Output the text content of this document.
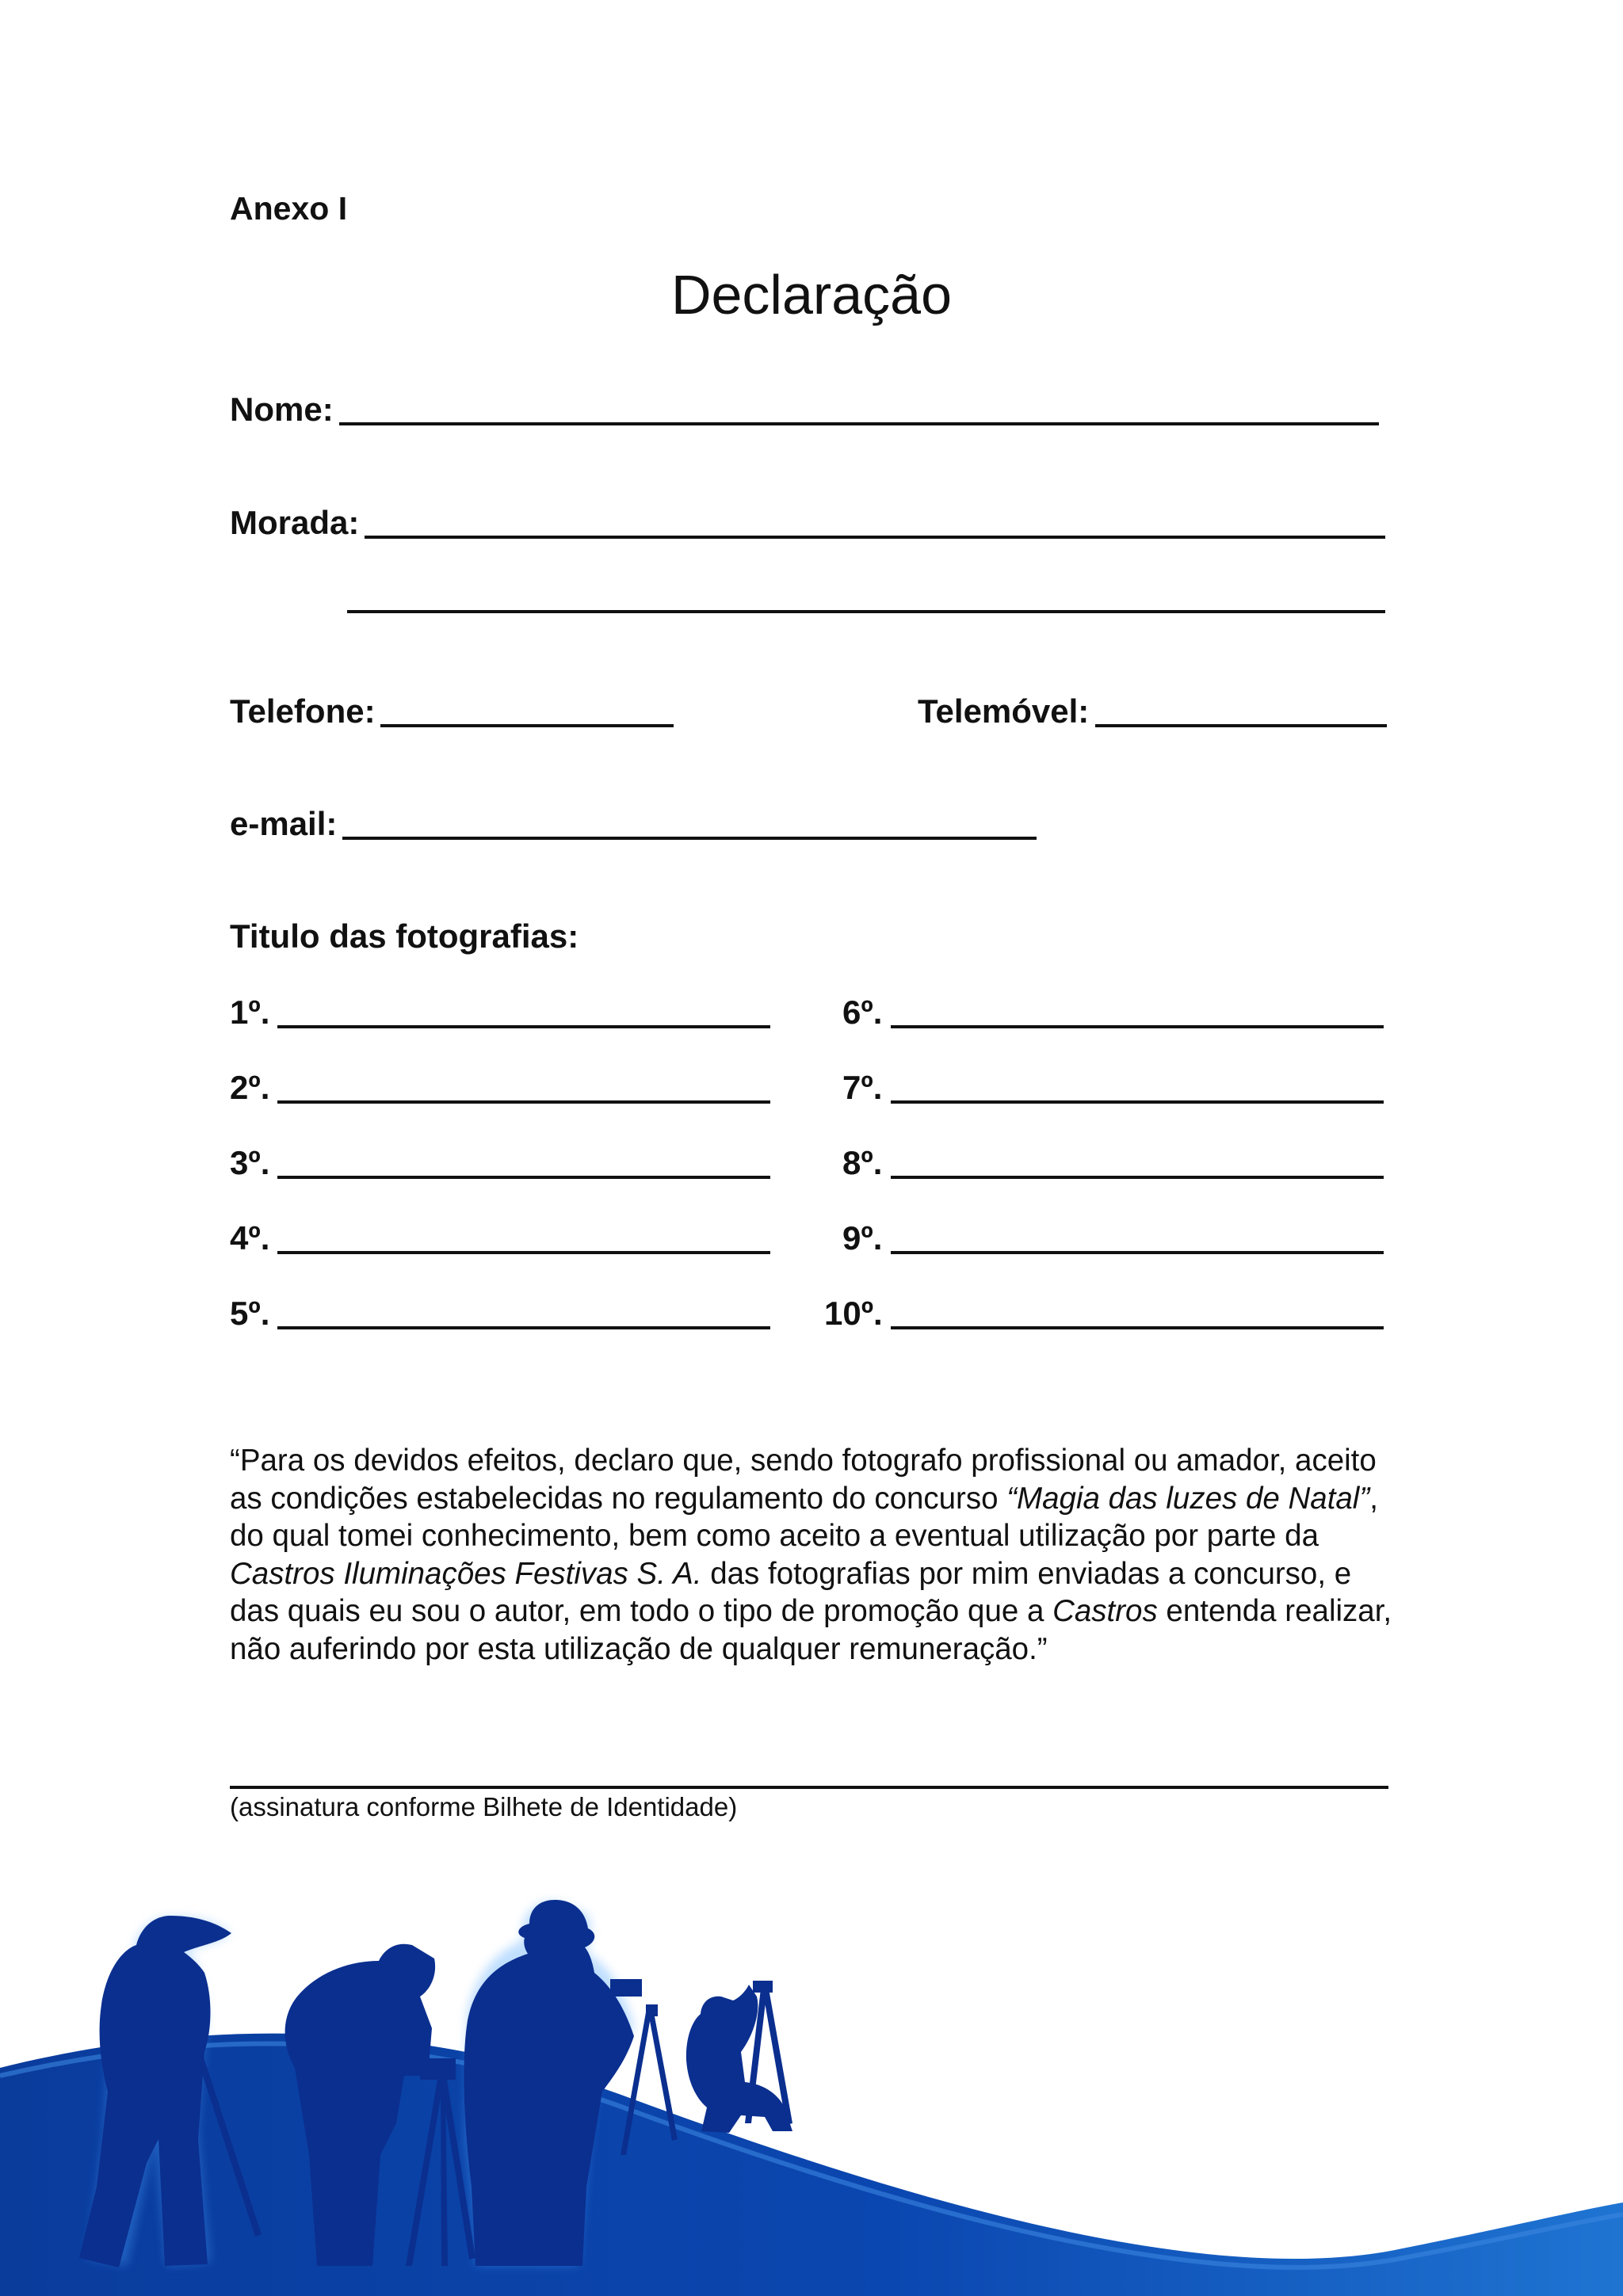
Anexo I
Declaração
Nome:
Morada:
Telefone:	Telemóvel:
e-mail:
Titulo das fotografias:
1º.
2º.
3º.
4º.
5º.
6º.
7º.
8º.
9º.
10º.
“Para os devidos efeitos, declaro que, sendo fotografo profissional ou amador, aceito as condições estabelecidas no regulamento do concurso “Magia das luzes de Natal”, do qual tomei conhecimento, bem como aceito a eventual utilização por parte da Castros Iluminações Festivas S. A. das fotografias por mim enviadas a concurso, e das quais eu sou o autor, em todo o tipo de promoção que a Castros entenda realizar, não auferindo por esta utilização de qualquer remuneração.”
(assinatura conforme Bilhete de Identidade)
